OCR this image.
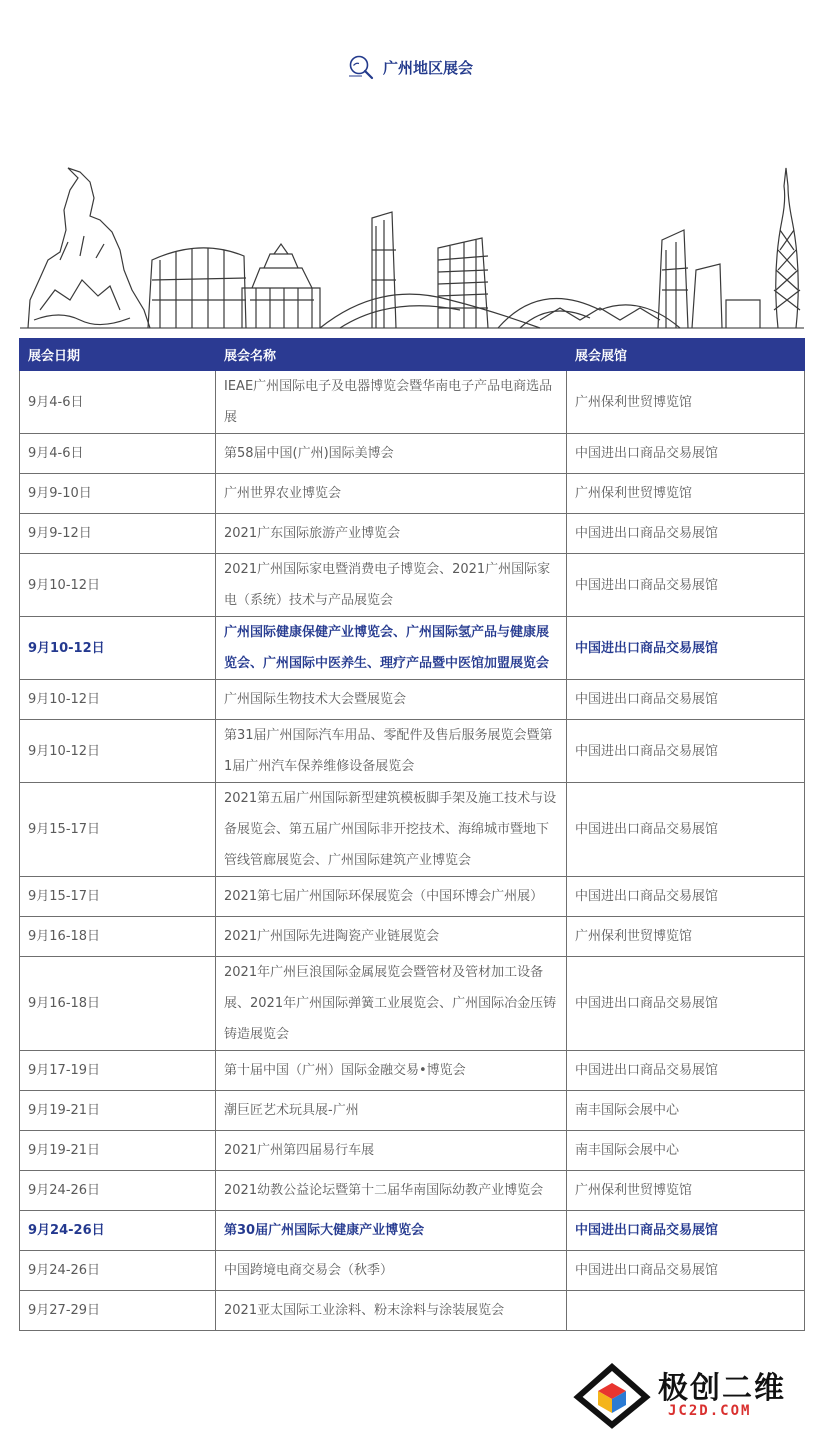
广州地区展会
展会日期	展会名称	展会展馆
9月4-6日	IEAE广州国际电子及电器博览会暨华南电子产品电商选品展	广州保利世贸博览馆
9月4-6日	第58届中国(广州)国际美博会	中国进出口商品交易展馆
9月9-10日	广州世界农业博览会	广州保利世贸博览馆
9月9-12日	2021广东国际旅游产业博览会	中国进出口商品交易展馆
9月10-12日	2021广州国际家电暨消费电子博览会、2021广州国际家电（系统）技术与产品展览会	中国进出口商品交易展馆
9月10-12日	广州国际健康保健产业博览会、广州国际氢产品与健康展览会、广州国际中医养生、理疗产品暨中医馆加盟展览会	中国进出口商品交易展馆
9月10-12日	广州国际生物技术大会暨展览会	中国进出口商品交易展馆
9月10-12日	第31届广州国际汽车用品、零配件及售后服务展览会暨第1届广州汽车保养维修设备展览会	中国进出口商品交易展馆
9月15-17日	2021第五届广州国际新型建筑模板脚手架及施工技术与设备展览会、第五届广州国际非开挖技术、海绵城市暨地下管线管廊展览会、广州国际建筑产业博览会	中国进出口商品交易展馆
9月15-17日	2021第七届广州国际环保展览会（中国环博会广州展）	中国进出口商品交易展馆
9月16-18日	2021广州国际先进陶瓷产业链展览会	广州保利世贸博览馆
9月16-18日	2021年广州巨浪国际金属展览会暨管材及管材加工设备展、2021年广州国际弹簧工业展览会、广州国际冶金压铸铸造展览会	中国进出口商品交易展馆
9月17-19日	第十届中国（广州）国际金融交易•博览会	中国进出口商品交易展馆
9月19-21日	潮巨匠艺术玩具展-广州	南丰国际会展中心
9月19-21日	2021广州第四届易行车展	南丰国际会展中心
9月24-26日	2021幼教公益论坛暨第十二届华南国际幼教产业博览会	广州保利世贸博览馆
9月24-26日	第30届广州国际大健康产业博览会	中国进出口商品交易展馆
9月24-26日	中国跨境电商交易会（秋季）	中国进出口商品交易展馆
9月27-29日	2021亚太国际工业涂料、粉末涂料与涂装展览会	
极创二维
JC2D.COM
